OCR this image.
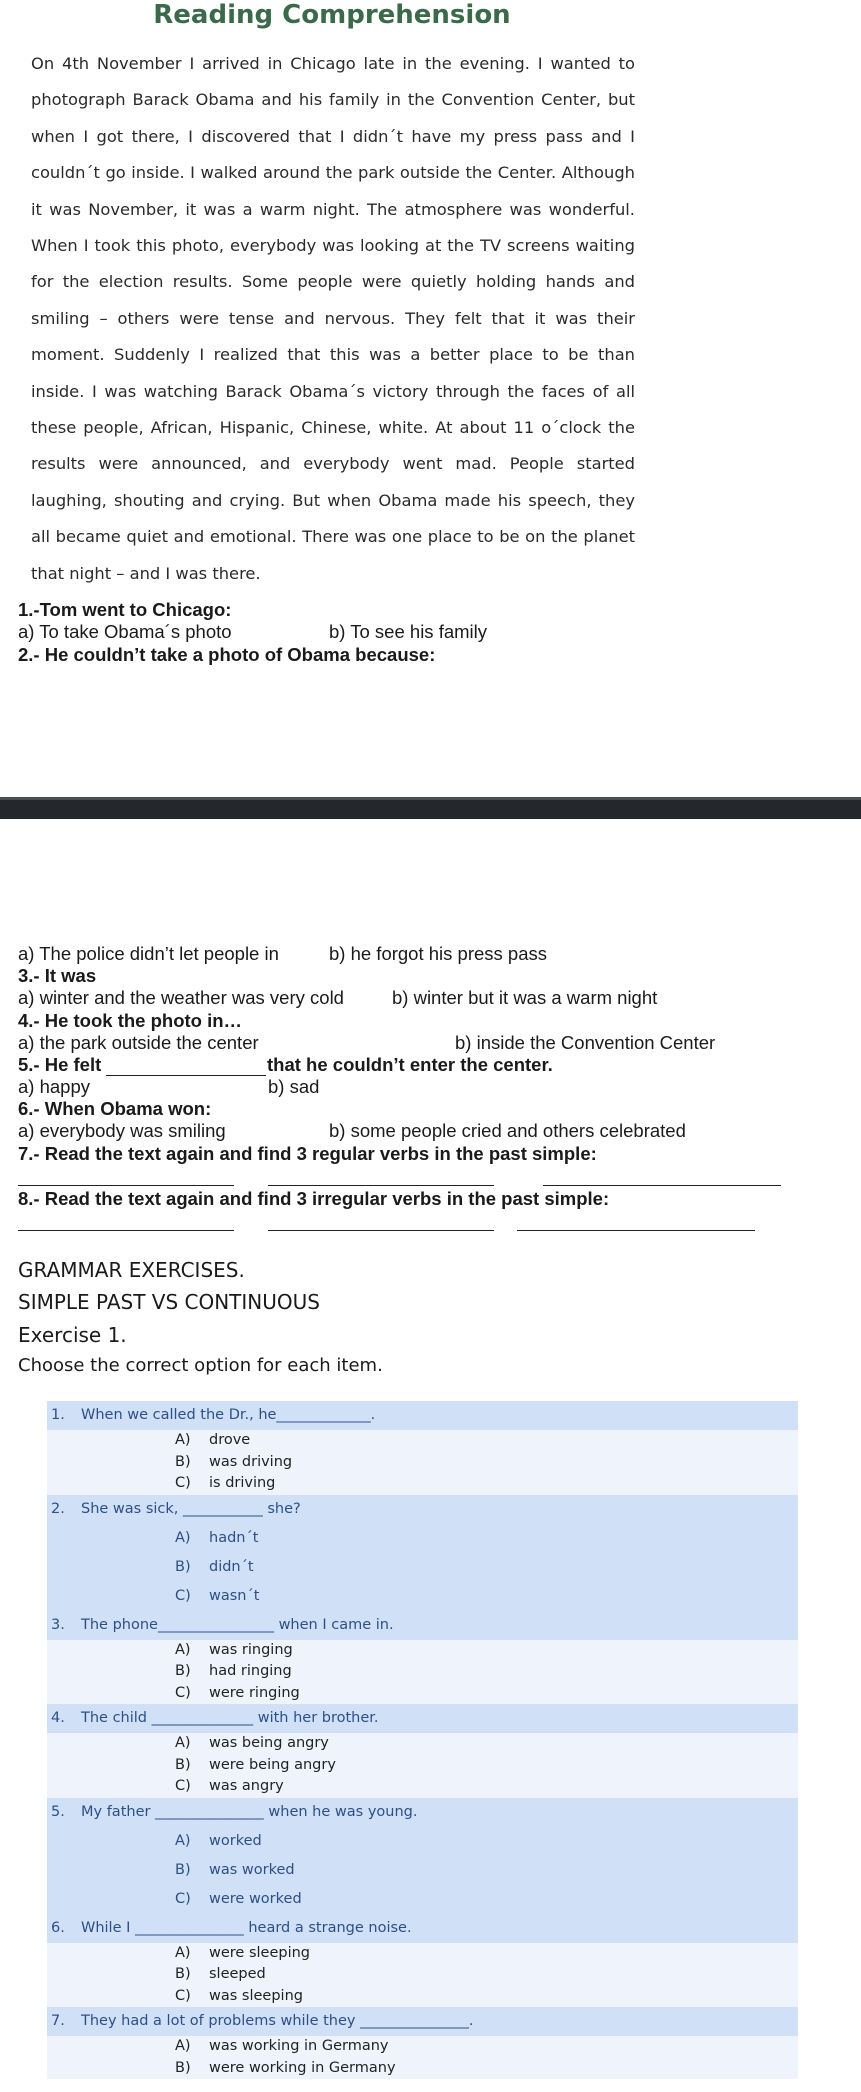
Reading Comprehension

On 4th November I arrived in Chicago late in the evening. I wanted to photograph Barack Obama and his family in the Convention Center, but when I got there, I discovered that I didn´t have my press pass and I couldn´t go inside. I walked around the park outside the Center. Although it was November, it was a warm night. The atmosphere was wonderful. When I took this photo, everybody was looking at the TV screens waiting for the election results. Some people were quietly holding hands and smiling – others were tense and nervous. They felt that it was their moment. Suddenly I realized that this was a better place to be than inside. I was watching Barack Obama´s victory through the faces of all these people, African, Hispanic, Chinese, white. At about 11 o´clock the results were announced, and everybody went mad. People started laughing, shouting and crying. But when Obama made his speech, they all became quiet and emotional. There was one place to be on the planet that night – and I was there.

1.-Tom went to Chicago:
a) To take Obama´s photo	b) To see his family
2.- He couldn’t take a photo of Obama because:
a) The police didn’t let people in	b) he forgot his press pass
3.- It was
a) winter and the weather was very cold	b) winter but it was a warm night
4.- He took the photo in…
a) the park outside the center	b) inside the Convention Center
5.- He felt	that he couldn’t enter the center.
a) happy	b) sad
6.- When Obama won:
a) everybody was smiling	b) some people cried and others celebrated
7.- Read the text again and find 3 regular verbs in the past simple:
8.- Read the text again and find 3 irregular verbs in the past simple:
GRAMMAR EXERCISES.
SIMPLE PAST VS CONTINUOUS
Exercise 1.
Choose the correct option for each item.
1. When we called the Dr., he_____________.
A) drove
B) was driving
C) is driving
2. She was sick, ___________ she?
A) hadn´t
B) didn´t
C) wasn´t
3. The phone________________ when I came in.
A) was ringing
B) had ringing
C) were ringing
4. The child ______________ with her brother.
A) was being angry
B) were being angry
C) was angry
5. My father _______________ when he was young.
A) worked
B) was worked
C) were worked
6. While I _______________ heard a strange noise.
A) were sleeping
B) sleeped
C) was sleeping
7. They had a lot of problems while they _______________.
A) was working in Germany
B) were working in Germany
